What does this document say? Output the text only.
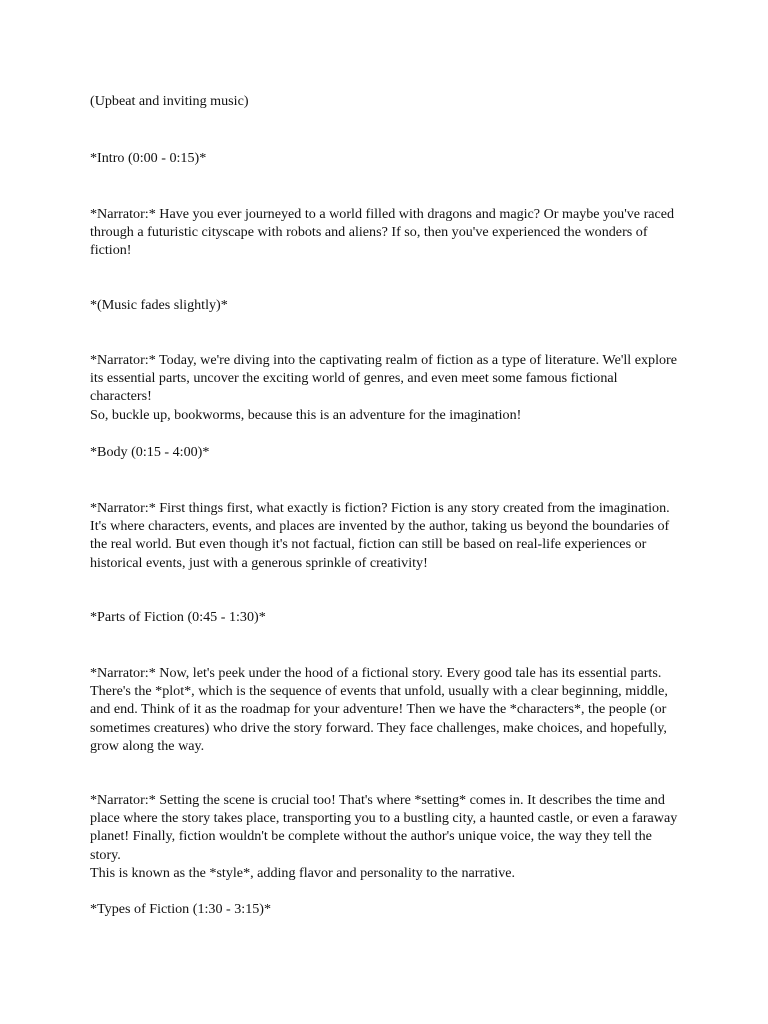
(Upbeat and inviting music)

*Intro (0:00 - 0:15)*

*Narrator:* Have you ever journeyed to a world filled with dragons and magic? Or maybe you've raced
through a futuristic cityscape with robots and aliens? If so, then you've experienced the wonders of
fiction!

*(Music fades slightly)*

*Narrator:* Today, we're diving into the captivating realm of fiction as a type of literature. We'll explore
its essential parts, uncover the exciting world of genres, and even meet some famous fictional characters!
So, buckle up, bookworms, because this is an adventure for the imagination!

*Body (0:15 - 4:00)*

*Narrator:* First things first, what exactly is fiction? Fiction is any story created from the imagination.
It's where characters, events, and places are invented by the author, taking us beyond the boundaries of
the real world. But even though it's not factual, fiction can still be based on real-life experiences or
historical events, just with a generous sprinkle of creativity!

*Parts of Fiction (0:45 - 1:30)*

*Narrator:* Now, let's peek under the hood of a fictional story. Every good tale has its essential parts.
There's the *plot*, which is the sequence of events that unfold, usually with a clear beginning, middle,
and end. Think of it as the roadmap for your adventure! Then we have the *characters*, the people (or
sometimes creatures) who drive the story forward. They face challenges, make choices, and hopefully,
grow along the way.

*Narrator:* Setting the scene is crucial too! That's where *setting* comes in. It describes the time and
place where the story takes place, transporting you to a bustling city, a haunted castle, or even a faraway
planet! Finally, fiction wouldn't be complete without the author's unique voice, the way they tell the story.
This is known as the *style*, adding flavor and personality to the narrative.

*Types of Fiction (1:30 - 3:15)*
